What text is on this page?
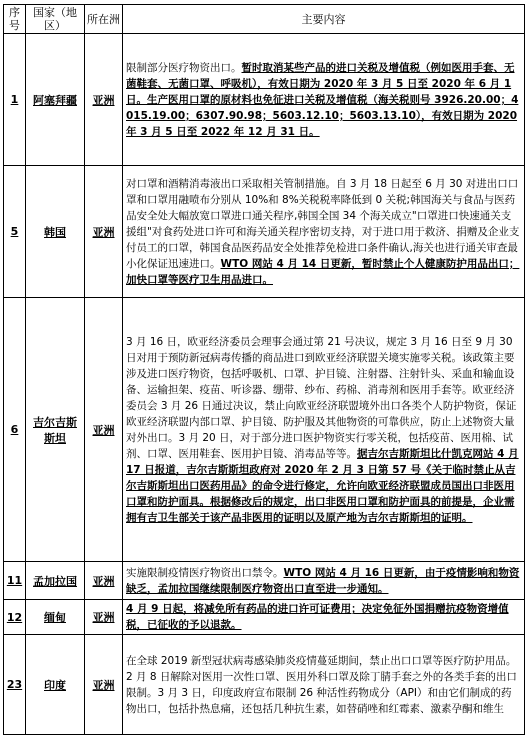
序号	国家（地区）	所在洲	主要内容
1	阿塞拜疆	亚洲	限制部分医疗物资出口。暂时取消某些产品的进口关税及增值税（例如医用手套、无菌鞋套、无菌口罩、呼吸机），有效日期为 2020 年 3 月 5 日至 2020 年 6 月 1 日。生产医用口罩的原材料也免征进口关税及增值税（海关税则号 3926.20.00；4015.19.00；6307.90.98；5603.12.10；5603.13.10），有效日期为 2020 年 3 月 5 日至 2022 年 12 月 31 日。
5	韩国	亚洲	对口罩和酒精消毒液出口采取相关管制措施。自 3 月 18 日起至 6 月 30 对进出口口罩和口罩用融喷布分别从 10%和 8%关税税率降低到 0 关税;韩国海关与食品与医药品安全处大幅放宽口罩进口通关程序,韩国全国 34 个海关成立"口罩进口快速通关支援组"对食药处进口许可和海关通关程序密切支持，对于进口用于救济、捐赠及企业支付员工的口罩，韩国食品医药品安全处推荐免检进口条件确认,海关也进行通关审查最小化保证迅速进口。WTO 网站 4 月 14 日更新，暂时禁止个人健康防护用品出口；加快口罩等医疗卫生用品进口。
6	吉尔吉斯斯坦	亚洲	3 月 16 日，欧亚经济委员会理事会通过第 21 号决议，规定 3 月 16 日至 9 月 30 日对用于预防新冠病毒传播的商品进口到欧亚经济联盟关境实施零关税。该政策主要涉及进口医疗物资，包括呼吸机、口罩、护目镜、注射器、注射针头、采血和输血设备、运输担架、疫苗、听诊器、绷带、纱布、药棉、消毒剂和医用手套等。欧亚经济委员会 3 月 26 日通过决议，禁止向欧亚经济联盟境外出口各类个人防护物资，保证欧亚经济联盟内部口罩、护目镜、防护服及其他物资的可靠供应，防止上述物资大量对外出口。3 月 20 日，对于部分进口医护物资实行零关税，包括疫苗、医用棉、试剂、口罩、医用鞋套、医用护目镜、消毒品等等。据吉尔吉斯斯坦比什凯克网站 4 月 17 日报道，吉尔吉斯斯坦政府对 2020 年 2 月 3 日第 57 号《关于临时禁止从吉尔吉斯斯坦出口医药用品》的命令进行修定，允许向欧亚经济联盟成员国出口非医用口罩和防护面具。根据修改后的规定，出口非医用口罩和防护面具的前提是，企业需拥有吉卫生部关于该产品非医用的证明以及原产地为吉尔吉斯斯坦的证明。
11	孟加拉国	亚洲	实施限制疫情医疗物资出口禁令。WTO 网站 4 月 16 日更新，由于疫情影响和物资缺乏，孟加拉国继续限制医疗物资出口直至进一步通知。
12	缅甸	亚洲	4 月 9 日起，将减免所有药品的进口许可证费用；决定免征外国捐赠抗疫物资增值税，已征收的予以退款。
23	印度	亚洲	在全球 2019 新型冠状病毒感染肺炎疫情蔓延期间，禁止出口口罩等医疗防护用品。2 月 8 日解除对医用一次性口罩、医用外科口罩及除丁腈手套之外的各类手套的出口限制。3 月 3 日，印度政府宣布限制 26 种活性药物成分（API）和由它们制成的药物出口，包括扑热息痛，还包括几种抗生素，如替硝唑和红霉素、激素孕酮和维生
